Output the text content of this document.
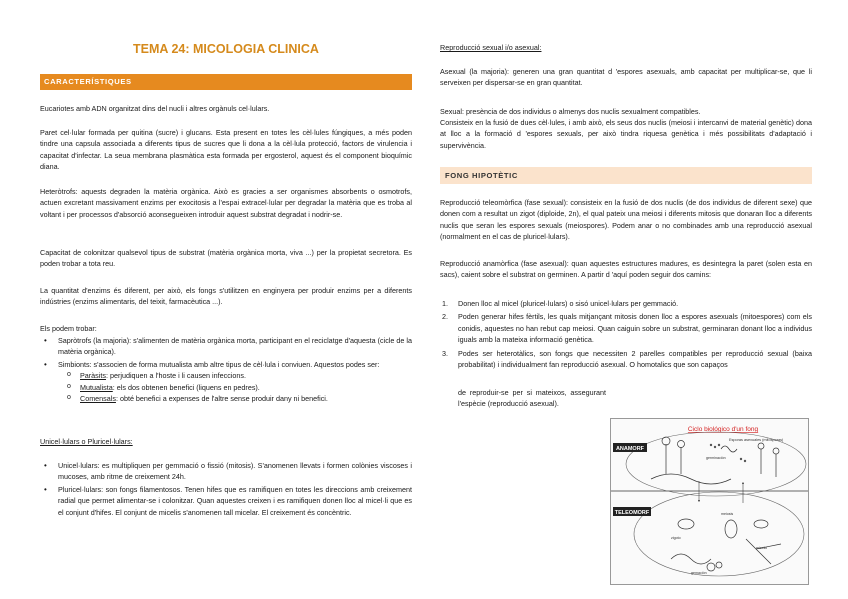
TEMA 24: MICOLOGIA CLINICA
CARACTERÍSTIQUES

Eucariotes amb ADN organitzat dins del nucli i altres orgànuls cel·lulars.

Paret cel·lular formada per quitina (sucre) i glucans. Esta present en totes les cèl·lules fúngiques, a més poden tindre una capsula associada a diferents tipus de sucres que li dona a la cèl·lula protecció, factors de virulencia i capacitat d'infectar. La seua membrana plasmàtica esta formada per ergosterol, aquest és el component bioquímic diana.

Heteròtrofs: aquests degraden la matèria orgànica. Això es gracies a ser organismes absorbents o osmotrofs, actuen excretant massivament enzims per exocitosis a l'espai extracel·lular per degradar la matèria que es troba al voltant i per processos d'absorció aconsegueixen introduir aquest substrat degradat i nodrir-se.

Capacitat de colonitzar qualsevol tipus de substrat (matèria orgànica morta, viva ...) per la propietat secretora. Es poden trobar a tota reu.

La quantitat d'enzims és diferent, per això, els fongs s'utilitzen en enginyera per produir enzims per a diferents indústries (enzims alimentaris, del teixit, farmacèutica ...).

Els podem trobar:

• Sapròtrofs (la majoria): s'alimenten de matèria orgànica morta, participant en el reciclatge d'aquesta (cicle de la matèria orgànica).
• Simbionts: s'associen de forma mutualista amb altre tipus de cèl·lula i conviuen. Aquestos podes ser:
o Paràsits: perjudiquen a l'hoste i li causen infeccions.
o Mutualista: els dos obtenen benefici (liquens en pedres).
o Comensals: obté benefici a expenses de l'altre sense produir dany ni benefici.

Unicel·lulars o Pluricel·lulars:

• Unicel·lulars: es multipliquen per gemmació o fissió (mitosis). S'anomenen llevats i formen colònies viscoses i mucoses, amb ritme de creixement 24h.
• Pluricel·lulars: son fongs filamentosos. Tenen hifes que es ramifiquen en totes les direccions amb creixement radial que permet alimentar-se i colonitzar. Quan aquestes creixen i es ramifiquen donen lloc al micel·li que es el conjunt d'hifes. El conjunt de micelis s'anomenen tall micelar. El creixement és concèntric.

Reproducció sexual i/o asexual:

Asexual (la majoria): generen una gran quantitat d 'espores asexuals, amb capacitat per multiplicar-se, que li serveixen per dispersar-se en gran quantitat.

Sexual: presència de dos individus o almenys dos nuclis sexualment compatibles.

Consisteix en la fusió de dues cèl·lules, i amb això, els seus dos nuclis (meiosi i intercanvi de material genètic) dona at lloc a la formació d 'espores sexuals, per això tindra riquesa genètica i més possibilitats d'adaptació i supervivència.

FONG HIPOTÈTIC

Reproducció teleomòrfica (fase sexual): consisteix en la fusió de dos nuclis (de dos individus de diferent sexe) que donen com a resultat un zigot (diploide, 2n), el qual pateix una meiosi i diferents mitosis que donaran lloc a diferents nuclis que seran les espores sexuals (meiospores). Podem anar o no combinades amb una reproducció asexual (normalment en el cas de pluricel·lulars).

Reproducció anamòrfica (fase asexual): quan aquestes estructures madures, es desintegra la paret (solen esta en sacs), caient sobre el substrat on germinen. A partir d 'aquí poden seguir dos camins:

1. Donen lloc al micel (pluricel·lulars) o sisó unicel·lulars per gemmació.
2. Poden generar hifes fèrtils, les quals mitjançant mitosis donen lloc a espores asexuals (mitoespores) com els conidis, aquestes no han rebut cap meiosi. Quan caiguin sobre un substrat, germinaran donant lloc a individus iguals amb la mateixa informació genètica.
3. Podes ser heterotàlics, son fongs que necessiten 2 parelles compatibles per reproducció sexual (baixa probabilitat) i individualment fan reproducció asexual. O homotalics que son capaços

de reproduir-se per si mateixos, assegurant l'espècie (reproducció asexual).

Ciclo biológico d'un fong
ANAMORF
TELEOMORF
Esporas asexuales (mitosporas)
germinación
zigoto
meiosis
micelio
gemación
